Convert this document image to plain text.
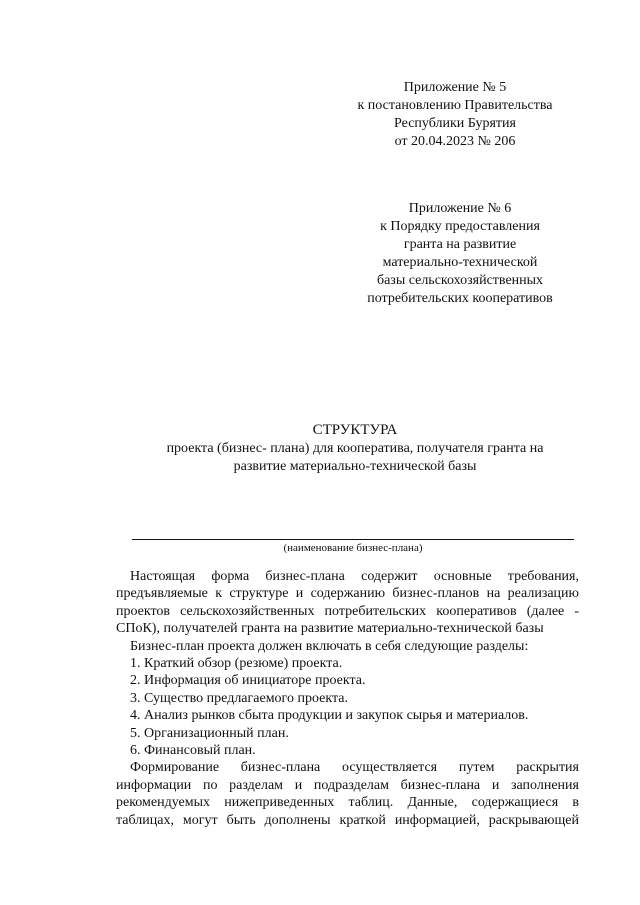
Приложение № 5
к постановлению Правительства
Республики Бурятия
от 20.04.2023 № 206
Приложение № 6
к Порядку предоставления
гранта на развитие
материально-технической
базы сельскохозяйственных
потребительских кооперативов
СТРУКТУРА
проекта (бизнес- плана) для кооператива, получателя гранта на
развитие материально-технической базы
(наименование бизнес-плана)
Настоящая форма бизнес-плана содержит основные требования,
предъявляемые к структуре и содержанию бизнес-планов на реализацию
проектов сельскохозяйственных потребительских кооперативов (далее -
СПоК), получателей гранта на развитие материально-технической базы
Бизнес-план проекта должен включать в себя следующие разделы:
1. Краткий обзор (резюме) проекта.
2. Информация об инициаторе проекта.
3. Существо предлагаемого проекта.
4. Анализ рынков сбыта продукции и закупок сырья и материалов.
5. Организационный план.
6. Финансовый план.
Формирование бизнес-плана осуществляется путем раскрытия
информации по разделам и подразделам бизнес-плана и заполнения
рекомендуемых нижеприведенных таблиц. Данные, содержащиеся в
таблицах, могут быть дополнены краткой информацией, раскрывающей
